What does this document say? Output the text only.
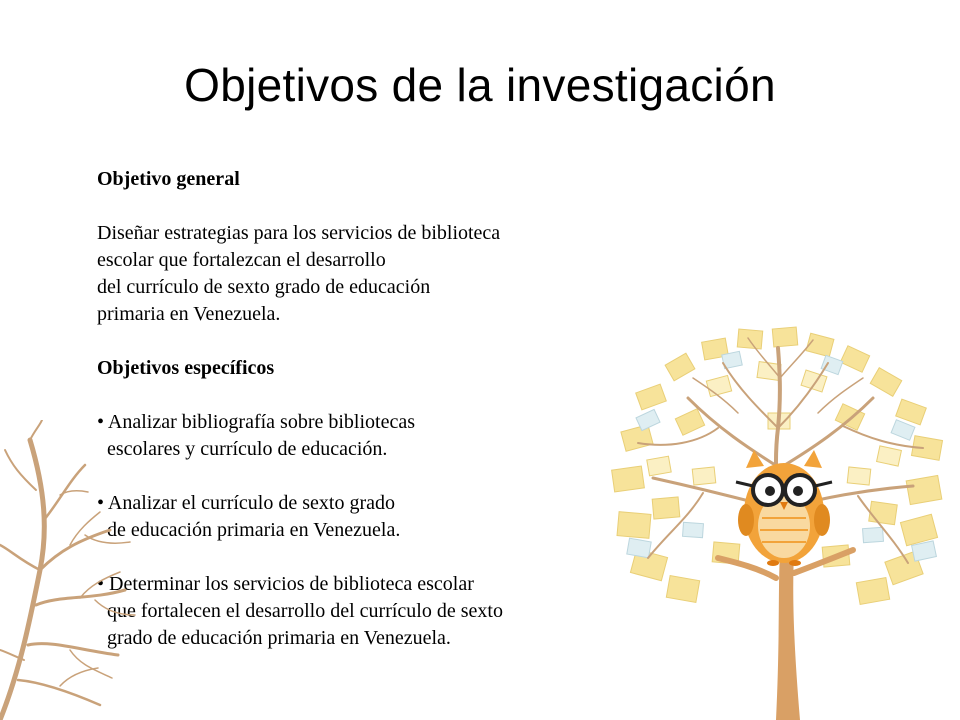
Objetivos de la investigación

Objetivo general

Diseñar estrategias para los servicios de biblioteca

escolar que fortalezcan el desarrollo

del currículo de sexto grado de educación

primaria en Venezuela.

Objetivos específicos

• Analizar bibliografía sobre bibliotecas
escolares y currículo de educación.
• Analizar el currículo de sexto grado
de educación primaria en Venezuela.
• Determinar los servicios de biblioteca escolar
que fortalecen el desarrollo del currículo de sexto
grado de educación primaria en Venezuela.
